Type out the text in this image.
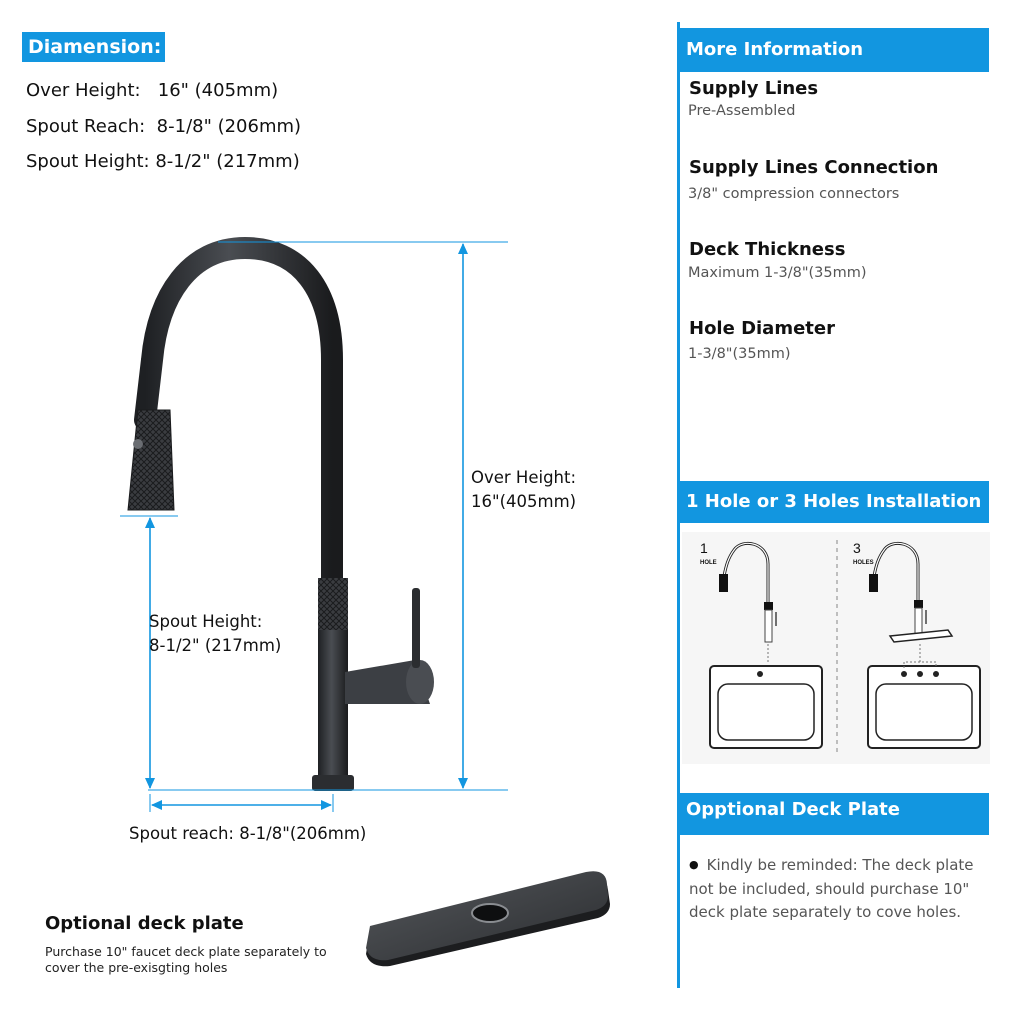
Diamension:
Over Height:   16" (405mm)
Spout Reach:  8-1/8" (206mm)
Spout Height: 8-1/2" (217mm)
Over Height:
16"(405mm)
Spout Height:
8-1/2" (217mm)
Spout reach: 8-1/8"(206mm)
Optional deck plate
Purchase 10" faucet deck plate separately to
cover the pre-exisgting holes
More Information
Supply Lines
Pre-Assembled
Supply Lines Connection
3/8" compression connectors
Deck Thickness
Maximum 1-3/8"(35mm)
Hole Diameter
1-3/8"(35mm)
1 Hole or 3 Holes Installation
1
HOLE
3
HOLES
Opptional Deck Plate
● Kindly be reminded: The deck plate
not be included, should purchase 10"
deck plate separately to cove holes.
